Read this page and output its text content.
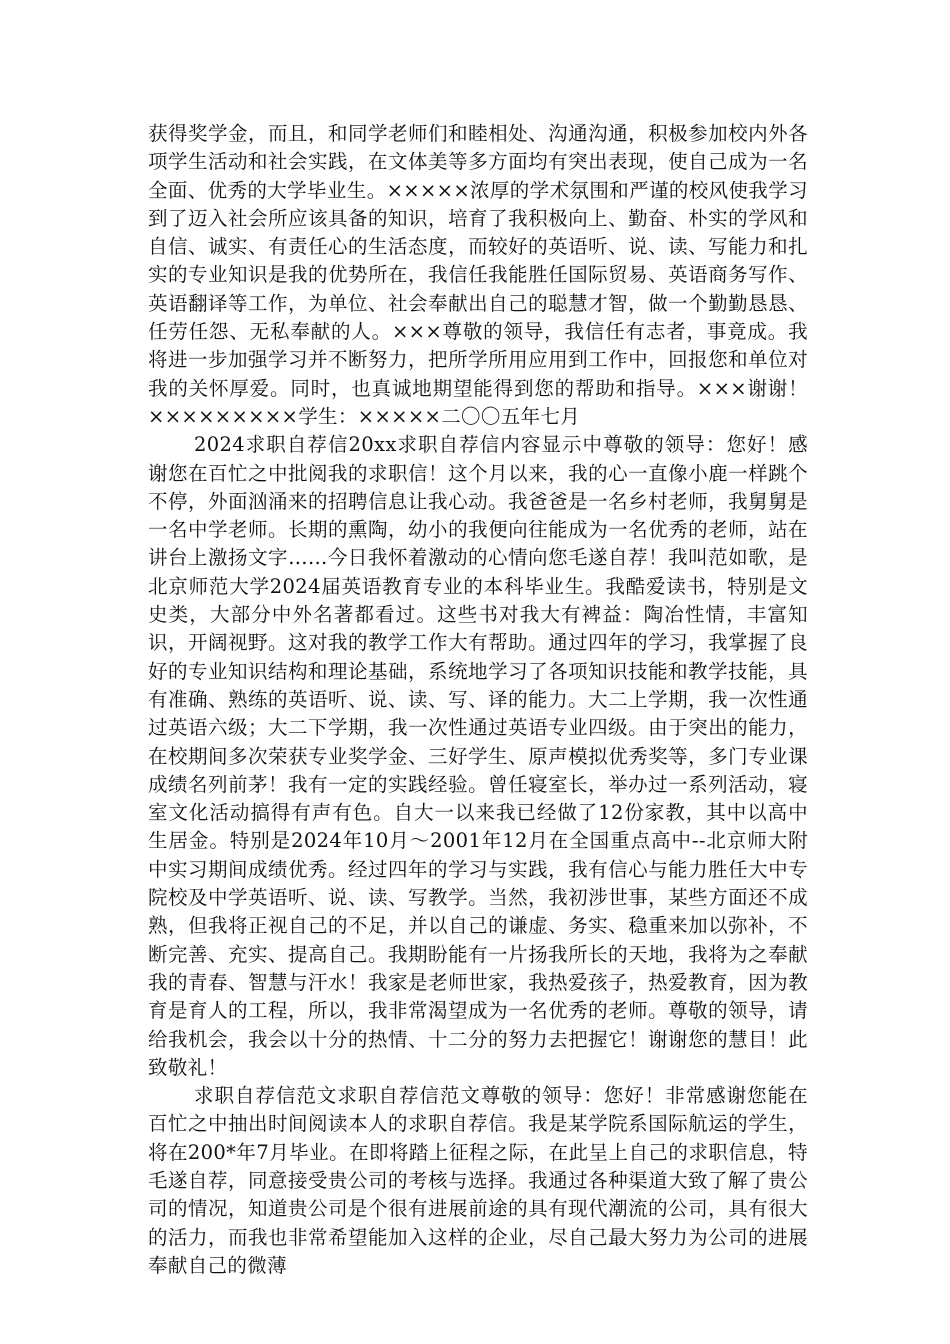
获得奖学金，而且，和同学老师们和睦相处、沟通沟通，积极参加校内外各项学生活动和社会实践，在文体美等多方面均有突出表现，使自己成为一名全面、优秀的大学毕业生。×××××浓厚的学术氛围和严谨的校风使我学习到了迈入社会所应该具备的知识，培育了我积极向上、勤奋、朴实的学风和自信、诚实、有责任心的生活态度，而较好的英语听、说、读、写能力和扎实的专业知识是我的优势所在，我信任我能胜任国际贸易、英语商务写作、英语翻译等工作，为单位、社会奉献出自己的聪慧才智，做一个勤勤恳恳、任劳任怨、无私奉献的人。×××尊敬的领导，我信任有志者，事竟成。我将进一步加强学习并不断努力，把所学所用应用到工作中，回报您和单位对我的关怀厚爱。同时，也真诚地期望能得到您的帮助和指导。×××谢谢！×××××××××学生：×××××二〇〇五年七月

2024求职自荐信20xx求职自荐信内容显示中尊敬的领导：您好！感谢您在百忙之中批阅我的求职信！这个月以来，我的心一直像小鹿一样跳个不停，外面汹涌来的招聘信息让我心动。我爸爸是一名乡村老师，我舅舅是一名中学老师。长期的熏陶，幼小的我便向往能成为一名优秀的老师，站在讲台上激扬文字……今日我怀着激动的心情向您毛遂自荐！我叫范如歌，是北京师范大学2024届英语教育专业的本科毕业生。我酷爱读书，特别是文史类，大部分中外名著都看过。这些书对我大有裨益：陶冶性情，丰富知识，开阔视野。这对我的教学工作大有帮助。通过四年的学习，我掌握了良好的专业知识结构和理论基础，系统地学习了各项知识技能和教学技能，具有准确、熟练的英语听、说、读、写、译的能力。大二上学期，我一次性通过英语六级；大二下学期，我一次性通过英语专业四级。由于突出的能力，在校期间多次荣获专业奖学金、三好学生、原声模拟优秀奖等，多门专业课成绩名列前茅！我有一定的实践经验。曾任寝室长，举办过一系列活动，寝室文化活动搞得有声有色。自大一以来我已经做了12份家教，其中以高中生居金。特别是2024年10月～2001年12月在全国重点高中--北京师大附中实习期间成绩优秀。经过四年的学习与实践，我有信心与能力胜任大中专院校及中学英语听、说、读、写教学。当然，我初涉世事，某些方面还不成熟，但我将正视自己的不足，并以自己的谦虚、务实、稳重来加以弥补，不断完善、充实、提高自己。我期盼能有一片扬我所长的天地，我将为之奉献我的青春、智慧与汗水！我家是老师世家，我热爱孩子，热爱教育，因为教育是育人的工程，所以，我非常渴望成为一名优秀的老师。尊敬的领导，请给我机会，我会以十分的热情、十二分的努力去把握它！谢谢您的慧目！此致敬礼！

求职自荐信范文求职自荐信范文尊敬的领导：您好！非常感谢您能在百忙之中抽出时间阅读本人的求职自荐信。我是某学院系国际航运的学生，将在200*年7月毕业。在即将踏上征程之际，在此呈上自己的求职信息，特毛遂自荐，同意接受贵公司的考核与选择。我通过各种渠道大致了解了贵公司的情况，知道贵公司是个很有进展前途的具有现代潮流的公司，具有很大的活力，而我也非常希望能加入这样的企业，尽自己最大努力为公司的进展奉献自己的微薄
